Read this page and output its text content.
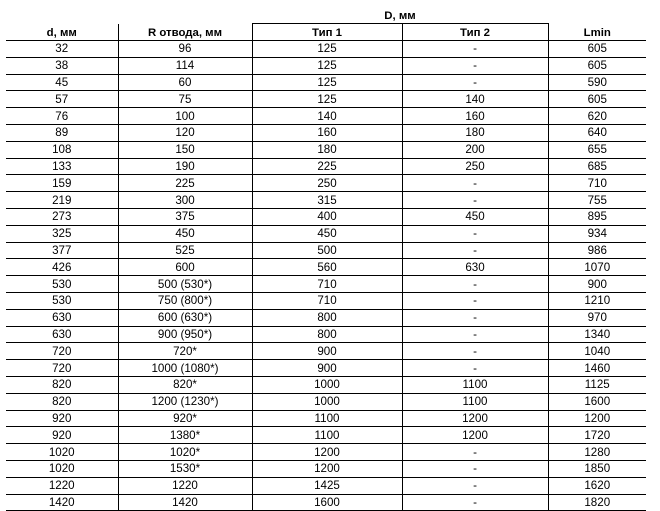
		D, мм		
d, мм	R отвода, мм	Тип 1	Тип 2	Lmin
32	96	125	-	605
38	114	125	-	605
45	60	125	-	590
57	75	125	140	605
76	100	140	160	620
89	120	160	180	640
108	150	180	200	655
133	190	225	250	685
159	225	250	-	710
219	300	315	-	755
273	375	400	450	895
325	450	450	-	934
377	525	500	-	986
426	600	560	630	1070
530	500 (530*)	710	-	900
530	750 (800*)	710	-	1210
630	600 (630*)	800	-	970
630	900 (950*)	800	-	1340
720	720*	900	-	1040
720	1000 (1080*)	900	-	1460
820	820*	1000	1100	1125
820	1200 (1230*)	1000	1100	1600
920	920*	1100	1200	1200
920	1380*	1100	1200	1720
1020	1020*	1200	-	1280
1020	1530*	1200	-	1850
1220	1220	1425	-	1620
1420	1420	1600	-	1820
